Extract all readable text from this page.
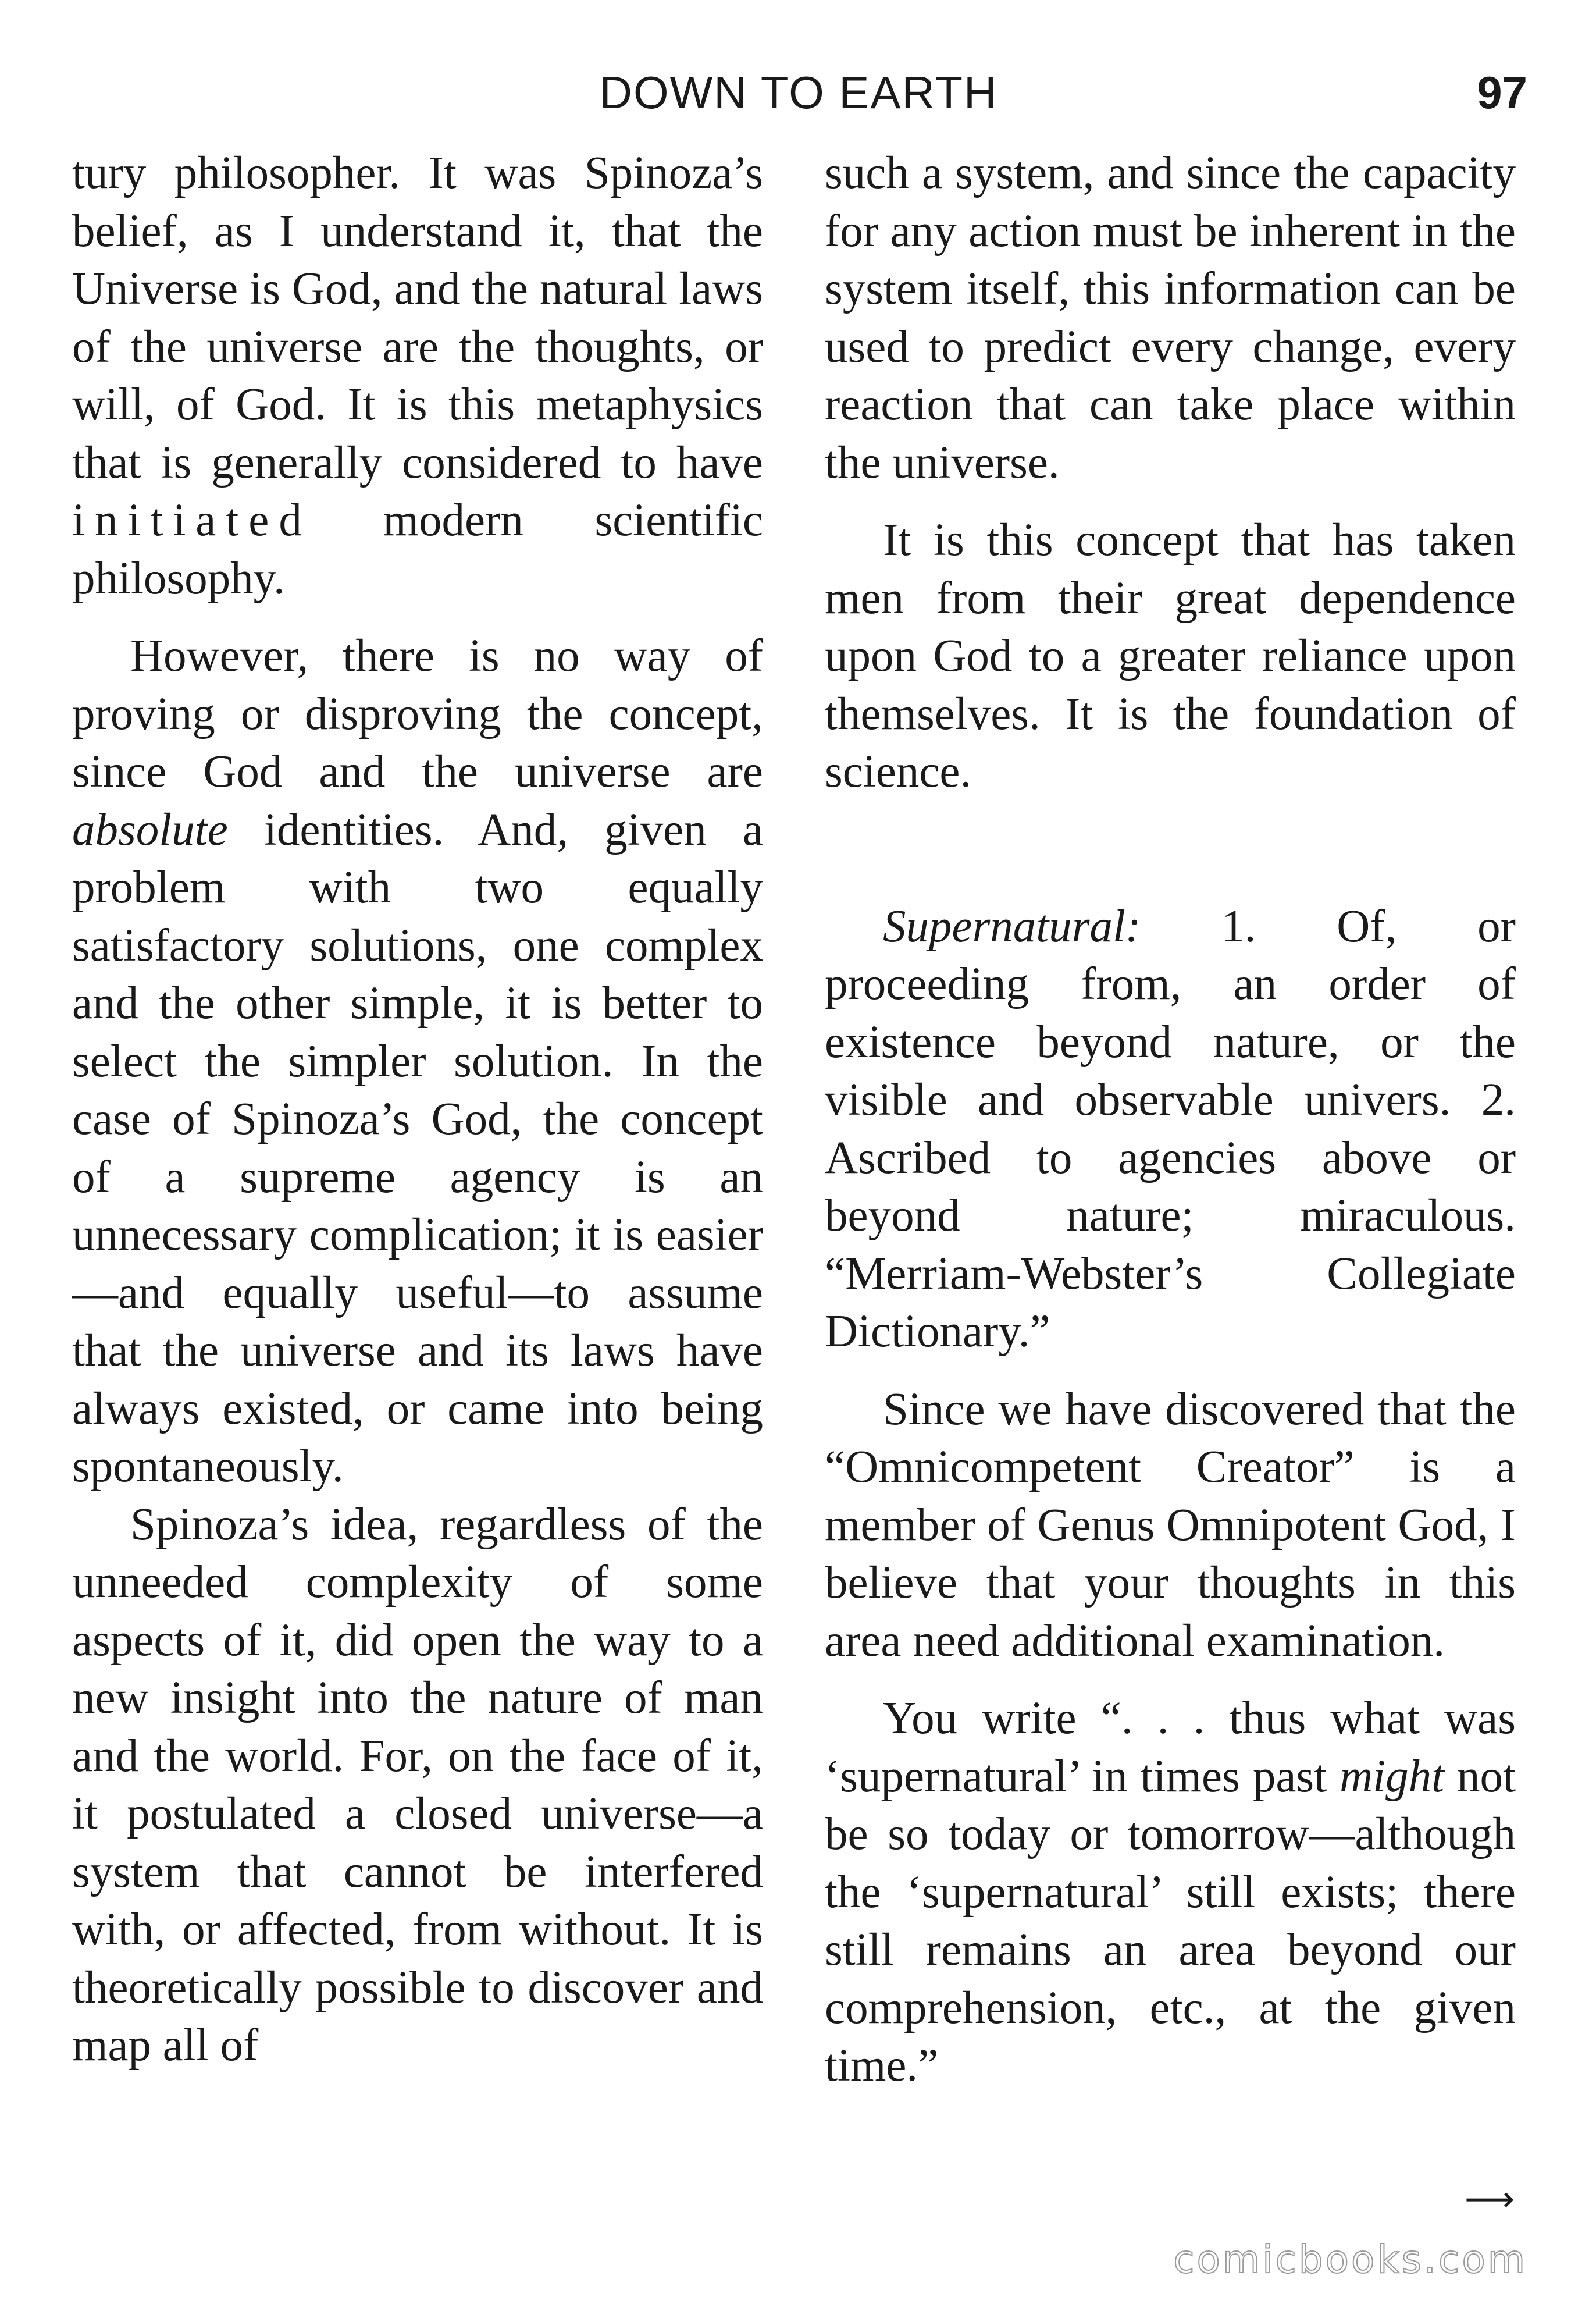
DOWN TO EARTH	97

tury philosopher. It was Spinoza’s belief, as I understand it, that the Universe is God, and the natural laws of the universe are the thoughts, or will, of God. It is this metaphysics that is generally considered to have initiated modern scientific philosophy.

However, there is no way of proving or disproving the concept, since God and the universe are absolute identities. And, given a problem with two equally satisfactory solutions, one complex and the other simple, it is better to select the simpler solution. In the case of Spinoza’s God, the concept of a supreme agency is an unnecessary complication; it is easier—and equally useful—to assume that the universe and its laws have always existed, or came into being spontaneously.

Spinoza’s idea, regardless of the unneeded complexity of some aspects of it, did open the way to a new insight into the nature of man and the world. For, on the face of it, it postulated a closed universe—a system that cannot be interfered with, or affected, from without. It is theoretically possible to discover and map all of

such a system, and since the capacity for any action must be inherent in the system itself, this information can be used to predict every change, every reaction that can take place within the universe.

It is this concept that has taken men from their great dependence upon God to a greater reliance upon themselves. It is the foundation of science.

Supernatural: 1. Of, or proceeding from, an order of existence beyond nature, or the visible and observable univers. 2. Ascribed to agencies above or beyond nature; miraculous. “Merriam-Webster’s Collegiate Dictionary.”

Since we have discovered that the “Omnicompetent Creator” is a member of Genus Omnipotent God, I believe that your thoughts in this area need additional examination.

You write “. . . thus what was ‘supernatural’ in times past might not be so today or tomorrow—although the ‘supernatural’ still exists; there still remains an area beyond our comprehension, etc., at the given time.”

⟶
comicbooks.com
